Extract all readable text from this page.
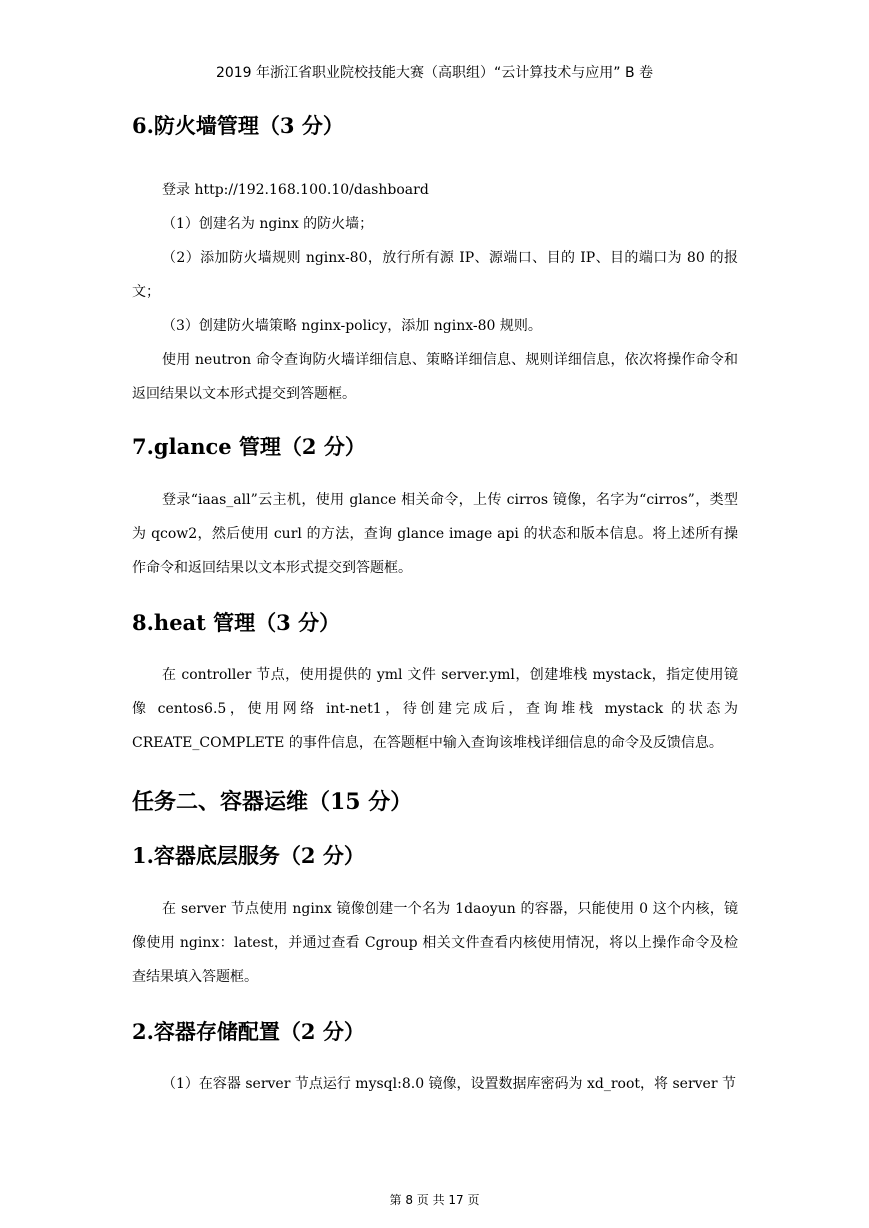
2019 年浙江省职业院校技能大赛（高职组）“云计算技术与应用” B 卷
6.防火墙管理（3 分）

登录 http://192.168.100.10/dashboard

（1）创建名为 nginx 的防火墙；

（2）添加防火墙规则 nginx-80，放行所有源 IP、源端口、目的 IP、目的端口为 80 的报文；

（3）创建防火墙策略 nginx-policy，添加 nginx-80 规则。

使用 neutron 命令查询防火墙详细信息、策略详细信息、规则详细信息，依次将操作命令和返回结果以文本形式提交到答题框。

7.glance 管理（2 分）

登录“iaas_all”云主机，使用 glance 相关命令，上传 cirros 镜像，名字为“cirros”，类型为 qcow2，然后使用 curl 的方法，查询 glance image api 的状态和版本信息。将上述所有操作命令和返回结果以文本形式提交到答题框。

8.heat 管理（3 分）

在 controller 节点，使用提供的 yml 文件 server.yml，创建堆栈 mystack，指定使用镜像 centos6.5，使用网络 int-net1，待创建完成后，查询堆栈 mystack 的状态为 CREATE_COMPLETE 的事件信息，在答题框中输入查询该堆栈详细信息的命令及反馈信息。

任务二、容器运维（15 分）
1.容器底层服务（2 分）

在 server 节点使用 nginx 镜像创建一个名为 1daoyun 的容器，只能使用 0 这个内核，镜像使用 nginx：latest，并通过查看 Cgroup 相关文件查看内核使用情况，将以上操作命令及检查结果填入答题框。

2.容器存储配置（2 分）

（1）在容器 server 节点运行 mysql:8.0 镜像，设置数据库密码为 xd_root，将 server 节

第 8 页 共 17 页
